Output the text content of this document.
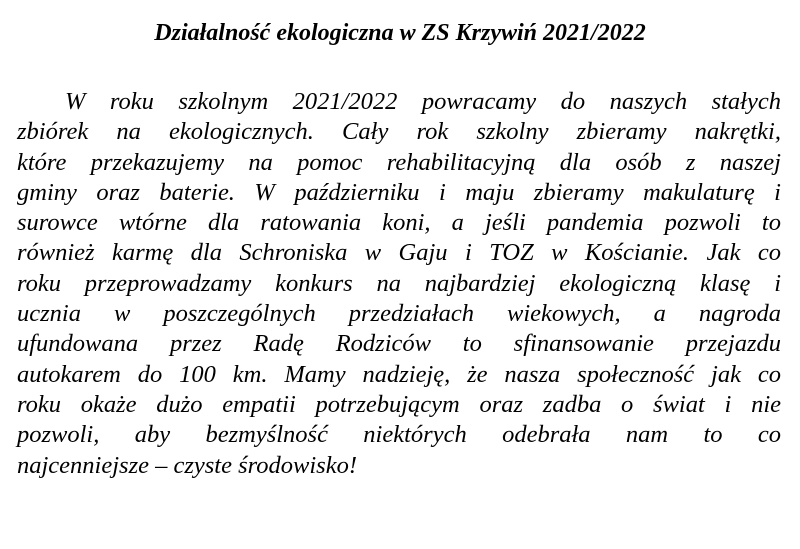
Działalność ekologiczna w ZS Krzywiń 2021/2022
W roku szkolnym 2021/2022 powracamy do naszych stałych
zbiórek na ekologicznych. Cały rok szkolny zbieramy nakrętki,
które przekazujemy na pomoc rehabilitacyjną dla osób z naszej
gminy oraz baterie. W październiku i maju zbieramy makulaturę i
surowce wtórne dla ratowania koni, a jeśli pandemia pozwoli to
również karmę dla Schroniska w Gaju i TOZ w Kościanie. Jak co
roku przeprowadzamy konkurs na najbardziej ekologiczną klasę i
ucznia w poszczególnych przedziałach wiekowych, a nagroda
ufundowana przez Radę Rodziców to sfinansowanie przejazdu
autokarem do 100 km. Mamy nadzieję, że nasza społeczność jak co
roku okaże dużo empatii potrzebującym oraz zadba o świat i nie
pozwoli, aby bezmyślność niektórych odebrała nam to co
najcenniejsze – czyste środowisko!
